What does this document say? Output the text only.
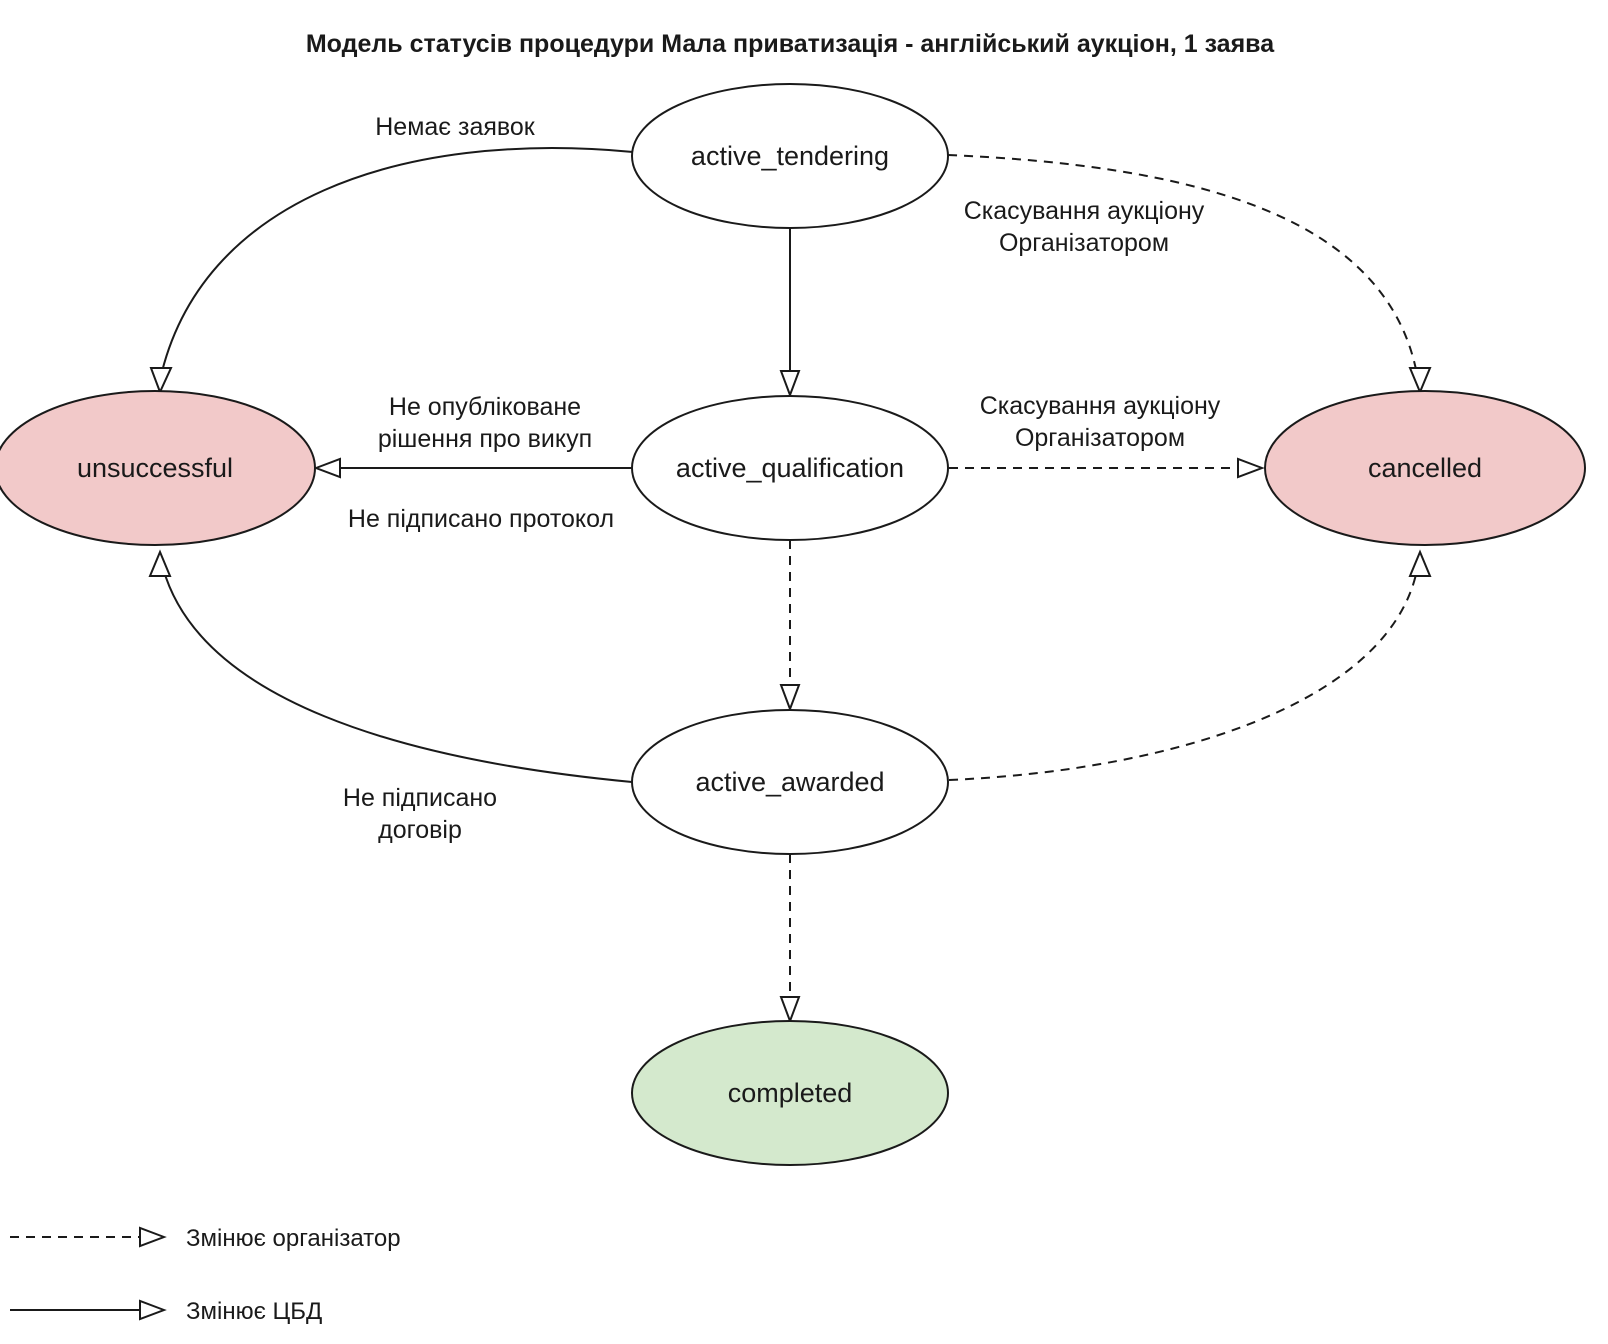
Модель статусів процедури Мала приватизація - англійський аукціон, 1 заява
Немає заявок
Скасування аукціону
Організатором
Не опубліковане
рішення про викуп
Не підписано протокол
Скасування аукціону
Організатором
Не підписано
договір
active_tendering
active_qualification
active_awarded
unsuccessful	cancelled
completed
Змінює організатор
Змінює ЦБД
